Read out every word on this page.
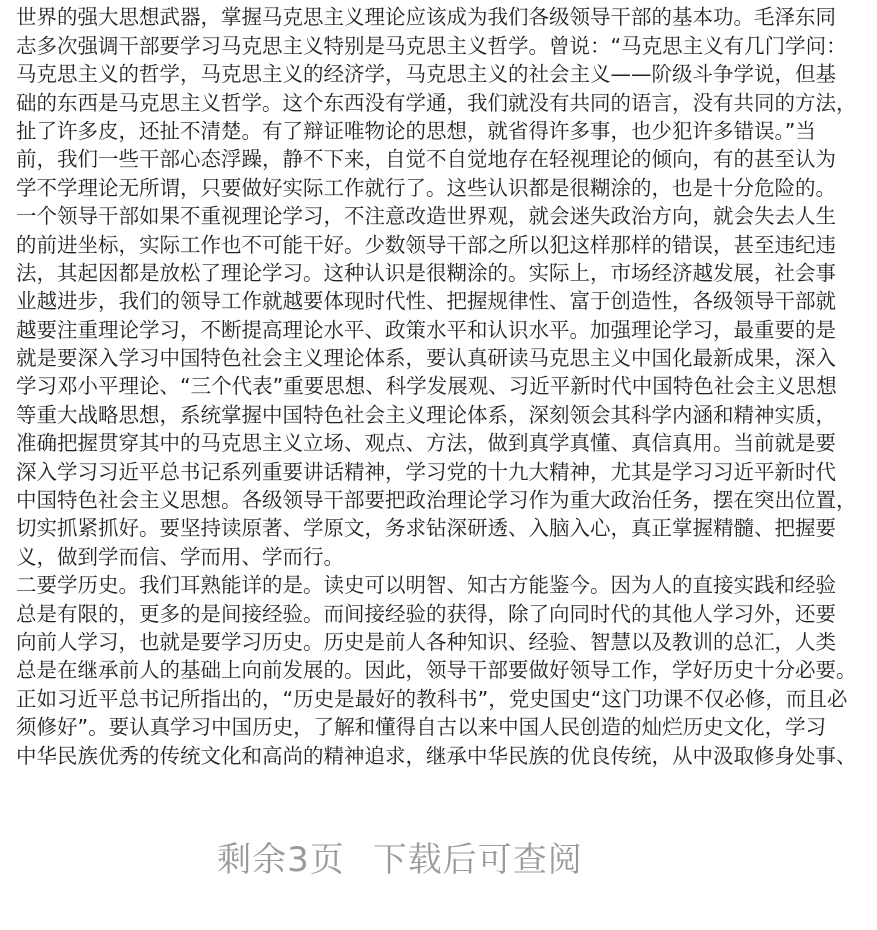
世界的强大思想武器，掌握马克思主义理论应该成为我们各级领导干部的基本功。毛泽东同
志多次强调干部要学习马克思主义特别是马克思主义哲学。曾说：“马克思主义有几门学问：
马克思主义的哲学，马克思主义的经济学，马克思主义的社会主义——阶级斗争学说，但基
础的东西是马克思主义哲学。这个东西没有学通，我们就没有共同的语言，没有共同的方法，
扯了许多皮，还扯不清楚。有了辩证唯物论的思想，就省得许多事，也少犯许多错误。”当
前，我们一些干部心态浮躁，静不下来，自觉不自觉地存在轻视理论的倾向，有的甚至认为
学不学理论无所谓，只要做好实际工作就行了。这些认识都是很糊涂的，也是十分危险的。
一个领导干部如果不重视理论学习，不注意改造世界观，就会迷失政治方向，就会失去人生
的前进坐标，实际工作也不可能干好。少数领导干部之所以犯这样那样的错误，甚至违纪违
法，其起因都是放松了理论学习。这种认识是很糊涂的。实际上，市场经济越发展，社会事
业越进步，我们的领导工作就越要体现时代性、把握规律性、富于创造性，各级领导干部就
越要注重理论学习，不断提高理论水平、政策水平和认识水平。加强理论学习，最重要的是
就是要深入学习中国特色社会主义理论体系，要认真研读马克思主义中国化最新成果，深入
学习邓小平理论、“三个代表”重要思想、科学发展观、习近平新时代中国特色社会主义思想
等重大战略思想，系统掌握中国特色社会主义理论体系，深刻领会其科学内涵和精神实质，
准确把握贯穿其中的马克思主义立场、观点、方法，做到真学真懂、真信真用。当前就是要
深入学习习近平总书记系列重要讲话精神，学习党的十九大精神，尤其是学习习近平新时代
中国特色社会主义思想。各级领导干部要把政治理论学习作为重大政治任务，摆在突出位置，
切实抓紧抓好。要坚持读原著、学原文，务求钻深研透、入脑入心，真正掌握精髓、把握要
义，做到学而信、学而用、学而行。
二要学历史。我们耳熟能详的是。读史可以明智、知古方能鉴今。因为人的直接实践和经验
总是有限的，更多的是间接经验。而间接经验的获得，除了向同时代的其他人学习外，还要
向前人学习，也就是要学习历史。历史是前人各种知识、经验、智慧以及教训的总汇，人类
总是在继承前人的基础上向前发展的。因此，领导干部要做好领导工作，学好历史十分必要。
正如习近平总书记所指出的，“历史是最好的教科书”，党史国史“这门功课不仅必修，而且必
须修好”。要认真学习中国历史，了解和懂得自古以来中国人民创造的灿烂历史文化，学习
中华民族优秀的传统文化和高尚的精神追求，继承中华民族的优良传统，从中汲取修身处事、
剩余3页 下载后可查阅
